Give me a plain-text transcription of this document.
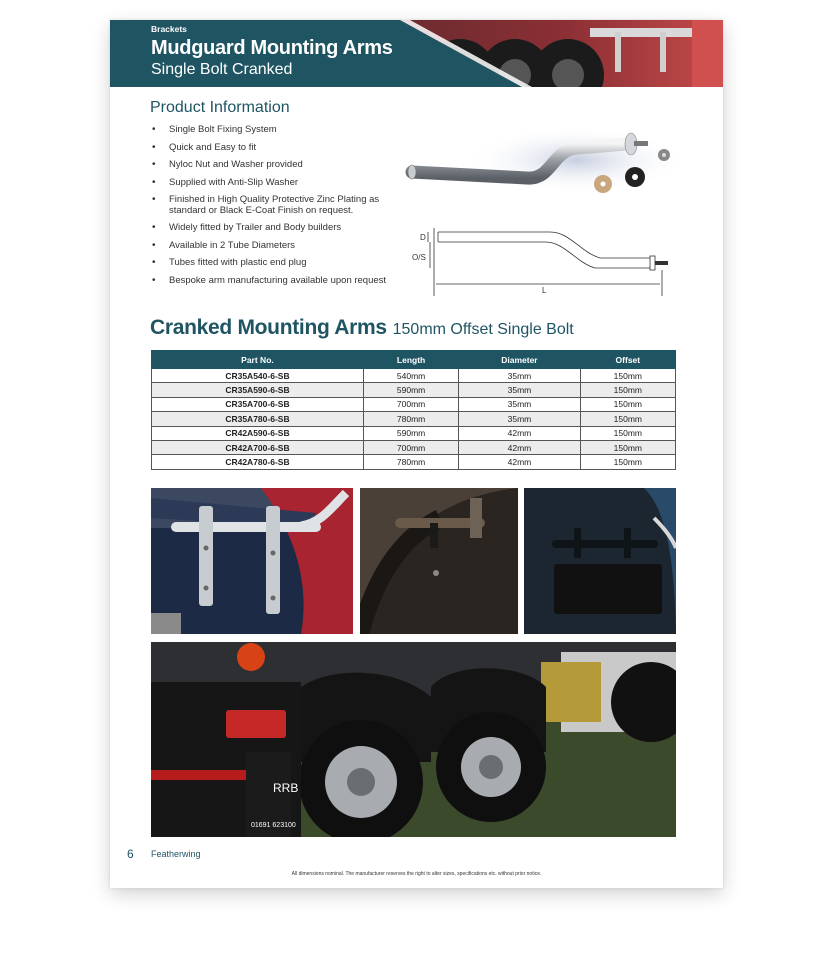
Brackets
Mudguard Mounting Arms
Single Bolt Cranked
Product Information
• Single Bolt Fixing System
• Quick and Easy to fit
• Nyloc Nut and Washer provided
• Supplied with Anti-Slip Washer
• Finished in High Quality Protective Zinc Plating as standard or Black E-Coat Finish on request.
• Widely fitted by Trailer and Body builders
• Available in 2 Tube Diameters
• Tubes fitted with plastic end plug
• Bespoke arm manufacturing available upon request
D
O/S
L
Cranked Mounting Arms 150mm Offset Single Bolt
Part No.	Length	Diameter	Offset
CR35A540-6-SB	540mm	35mm	150mm
CR35A590-6-SB	590mm	35mm	150mm
CR35A700-6-SB	700mm	35mm	150mm
CR35A780-6-SB	780mm	35mm	150mm
CR42A590-6-SB	590mm	42mm	150mm
CR42A700-6-SB	700mm	42mm	150mm
CR42A780-6-SB	780mm	42mm	150mm
RRB
01691 623100
6 Featherwing
All dimensions nominal. The manufacturer reserves the right to alter sizes, specifications etc. without prior notice.
